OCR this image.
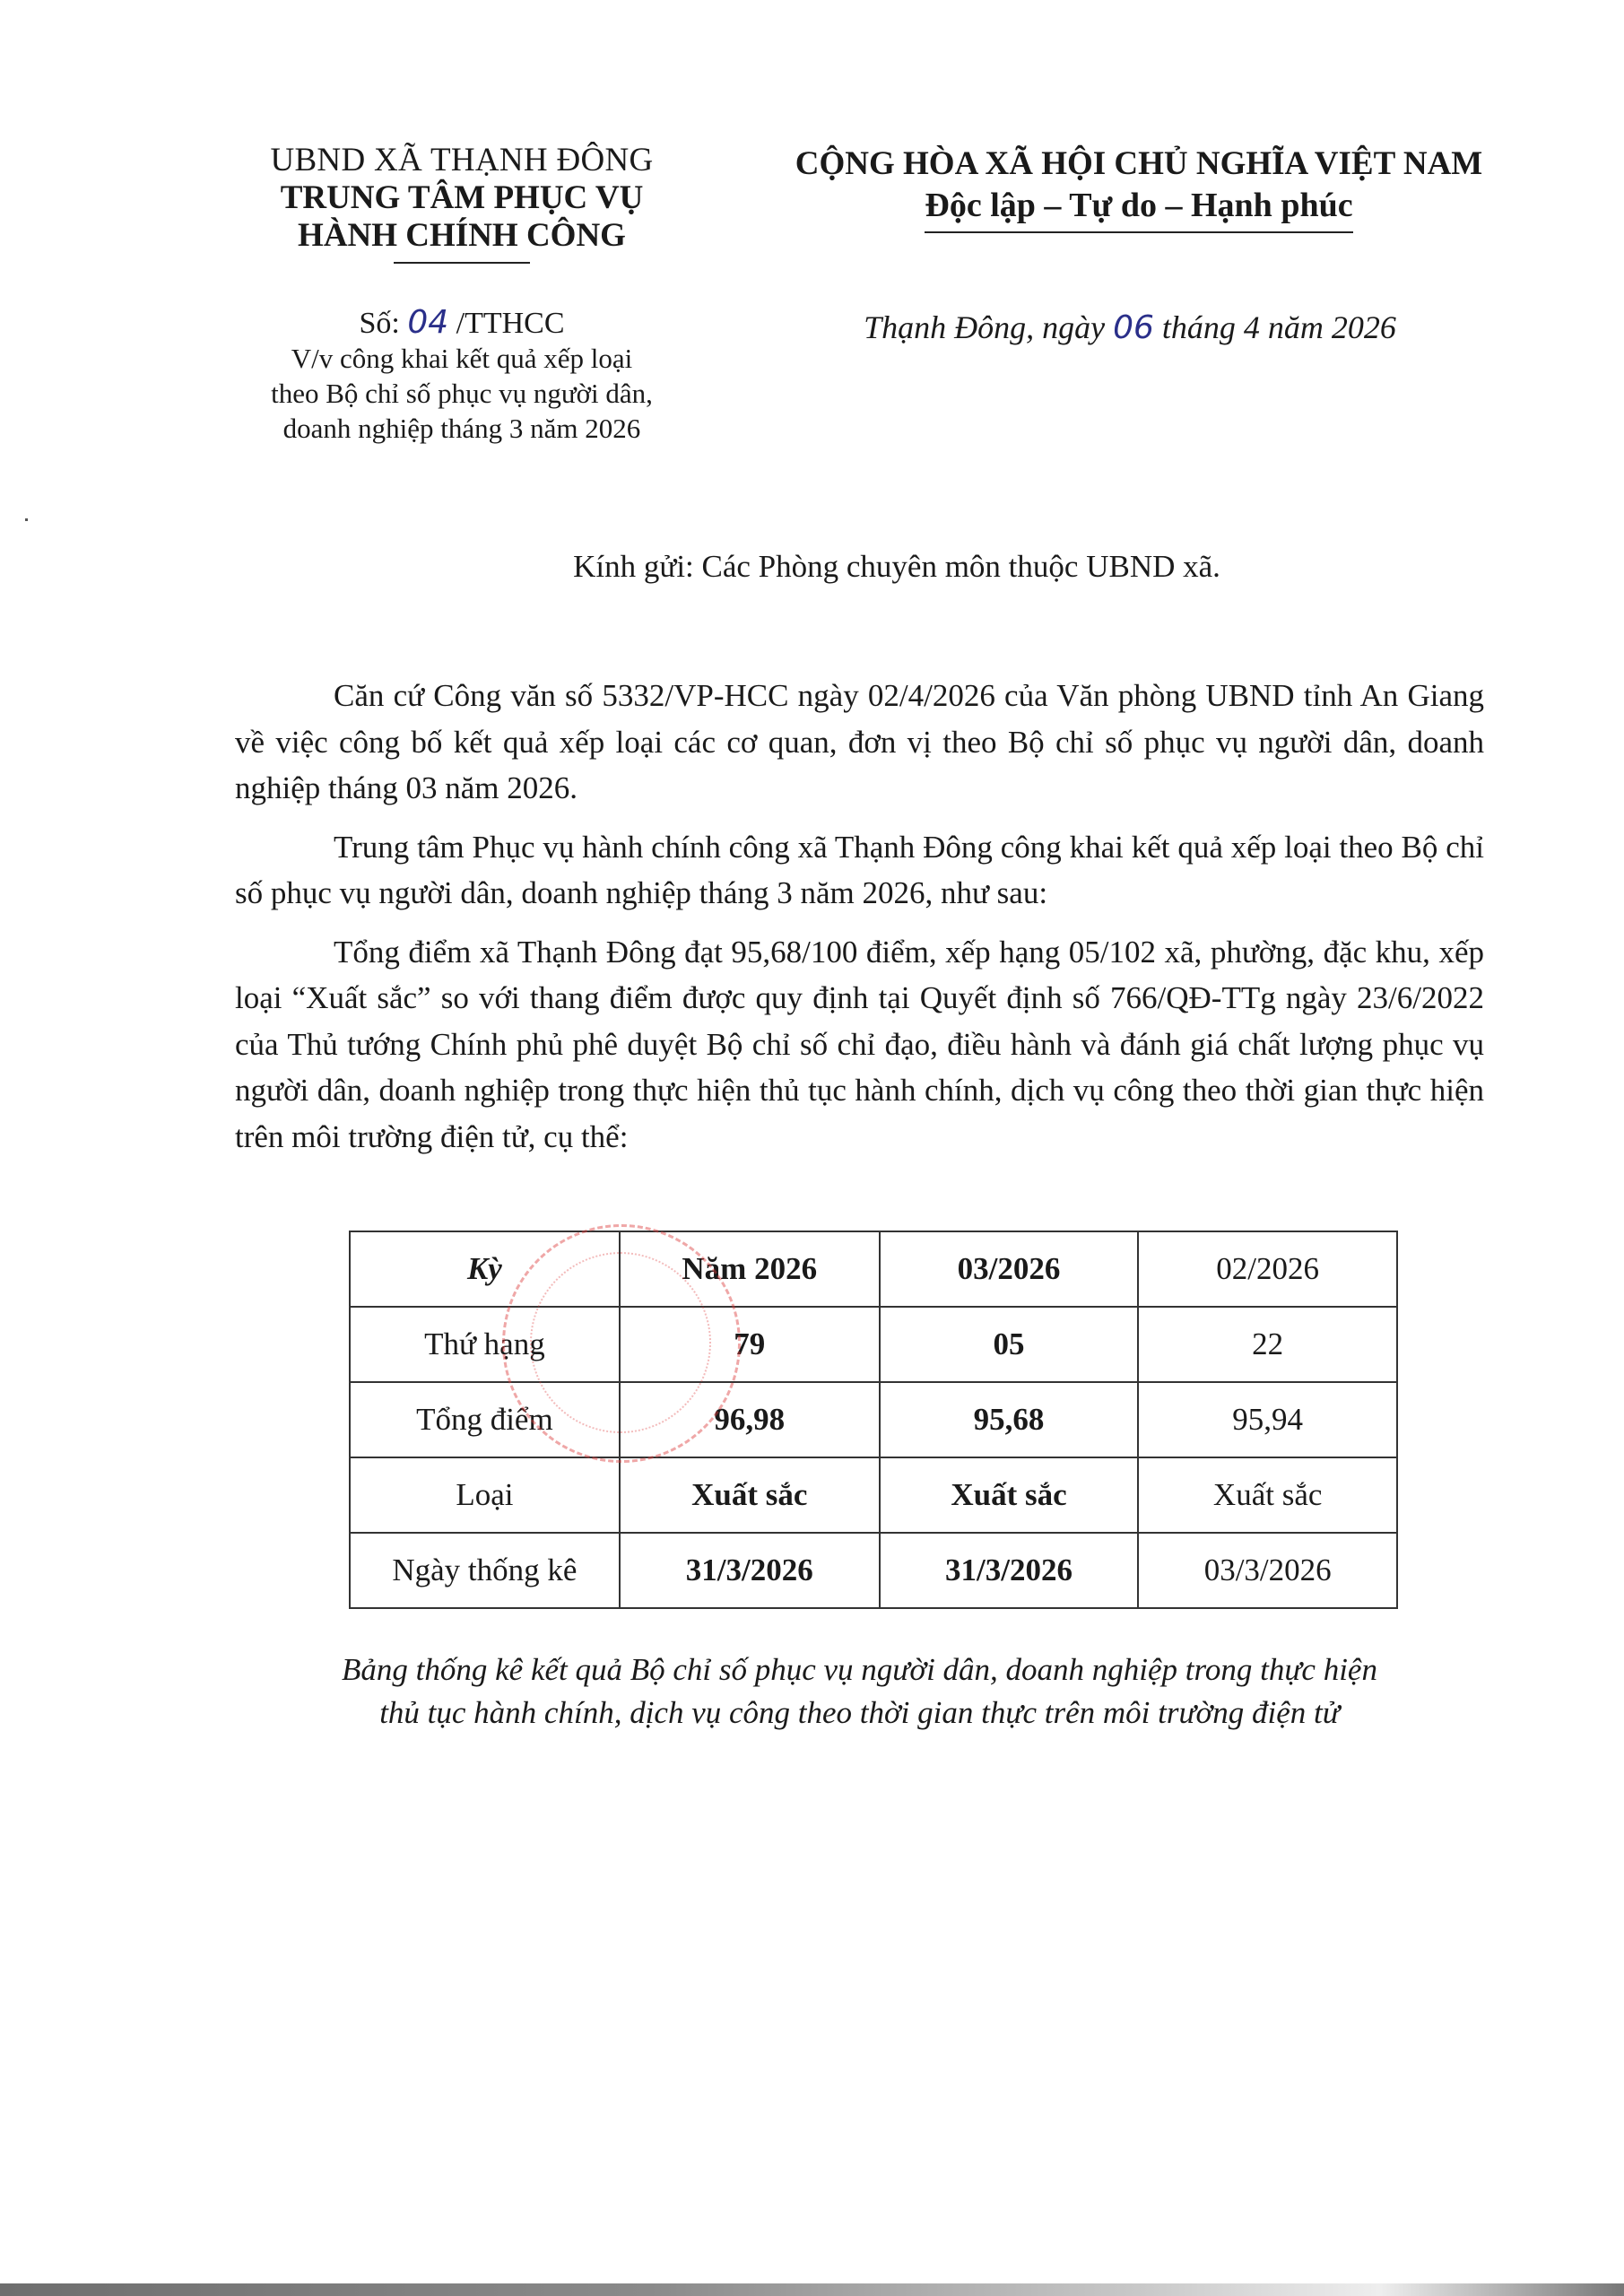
UBND XÃ THẠNH ĐÔNG
TRUNG TÂM PHỤC VỤ
HÀNH CHÍNH CÔNG
CỘNG HÒA XÃ HỘI CHỦ NGHĨA VIỆT NAM
Độc lập – Tự do – Hạnh phúc
Số: 04 /TTHCC
V/v công khai kết quả xếp loại
theo Bộ chỉ số phục vụ người dân,
doanh nghiệp tháng 3 năm 2026
Thạnh Đông, ngày 06 tháng 4 năm 2026
Kính gửi: Các Phòng chuyên môn thuộc UBND xã.

Căn cứ Công văn số 5332/VP-HCC ngày 02/4/2026 của Văn phòng UBND tỉnh An Giang về việc công bố kết quả xếp loại các cơ quan, đơn vị theo Bộ chỉ số phục vụ người dân, doanh nghiệp tháng 03 năm 2026.

Trung tâm Phục vụ hành chính công xã Thạnh Đông công khai kết quả xếp loại theo Bộ chỉ số phục vụ người dân, doanh nghiệp tháng 3 năm 2026, như sau:

Tổng điểm xã Thạnh Đông đạt 95,68/100 điểm, xếp hạng 05/102 xã, phường, đặc khu, xếp loại “Xuất sắc” so với thang điểm được quy định tại Quyết định số 766/QĐ-TTg ngày 23/6/2022 của Thủ tướng Chính phủ phê duyệt Bộ chỉ số chỉ đạo, điều hành và đánh giá chất lượng phục vụ người dân, doanh nghiệp trong thực hiện thủ tục hành chính, dịch vụ công theo thời gian thực hiện trên môi trường điện tử, cụ thể:

Kỳ	Năm 2026	03/2026	02/2026
Thứ hạng	79	05	22
Tổng điểm	96,98	95,68	95,94
Loại	Xuất sắc	Xuất sắc	Xuất sắc
Ngày thống kê	31/3/2026	31/3/2026	03/3/2026
Bảng thống kê kết quả Bộ chỉ số phục vụ người dân, doanh nghiệp trong thực hiện
thủ tục hành chính, dịch vụ công theo thời gian thực trên môi trường điện tử
